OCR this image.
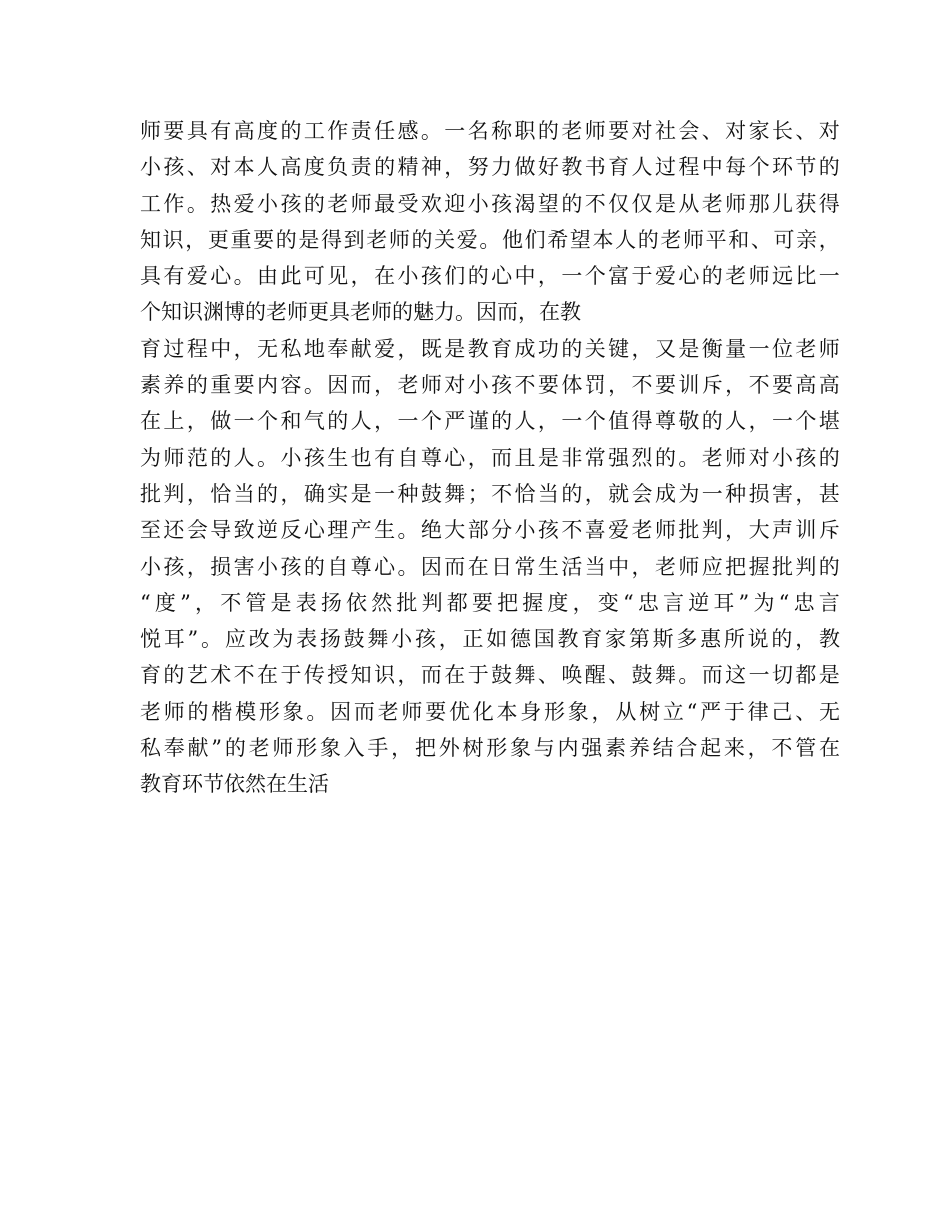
师 要 具 有 高 度 的 工 作 责 任 感 。 一 名 称 职 的 老 师 要 对 社 会 、 对 家 长 、 对
小 孩 、 对 本 人 高 度 负 责 的 精 神 ， 努 力 做 好 教 书 育 人 过 程 中 每 个 环 节 的
工 作 。 热 爱 小 孩 的 老 师 最 受 欢 迎 小 孩 渴 望 的 不 仅 仅 是 从 老 师 那 儿 获 得
知 识 ， 更 重 要 的 是 得 到 老 师 的 关 爱 。 他 们 希 望 本 人 的 老 师 平 和 、 可 亲 ，
具 有 爱 心 。 由 此 可 见 ， 在 小 孩 们 的 心 中 ， 一 个 富 于 爱 心 的 老 师 远 比 一
个知识渊博的老师更具老师的魅力。因而，在教
育 过 程 中 ， 无 私 地 奉 献 爱 ， 既 是 教 育 成 功 的 关 键 ， 又 是 衡 量 一 位 老 师
素 养 的 重 要 内 容 。 因 而 ， 老 师 对 小 孩 不 要 体 罚 ， 不 要 训 斥 ， 不 要 高 高
在 上 ， 做 一 个 和 气 的 人 ， 一 个 严 谨 的 人 ， 一 个 值 得 尊 敬 的 人 ， 一 个 堪
为 师 范 的 人 。 小 孩 生 也 有 自 尊 心 ， 而 且 是 非 常 强 烈 的 。 老 师 对 小 孩 的
批 判 ， 恰 当 的 ， 确 实 是 一 种 鼓 舞 ； 不 恰 当 的 ， 就 会 成 为 一 种 损 害 ， 甚
至 还 会 导 致 逆 反 心 理 产 生 。 绝 大 部 分 小 孩 不 喜 爱 老 师 批 判 ， 大 声 训 斥
小 孩 ， 损 害 小 孩 的 自 尊 心 。 因 而 在 日 常 生 活 当 中 ， 老 师 应 把 握 批 判 的
“ 度 ” ， 不 管 是 表 扬 依 然 批 判 都 要 把 握 度 ， 变 “ 忠 言 逆 耳 ” 为 “ 忠 言
悦 耳 ” 。 应 改 为 表 扬 鼓 舞 小 孩 ， 正 如 德 国 教 育 家 第 斯 多 惠 所 说 的 ， 教
育 的 艺 术 不 在 于 传 授 知 识 ， 而 在 于 鼓 舞 、 唤 醒 、 鼓 舞 。 而 这 一 切 都 是
老 师 的 楷 模 形 象 。 因 而 老 师 要 优 化 本 身 形 象 ， 从 树 立 “ 严 于 律 己 、 无
私 奉 献 ” 的 老 师 形 象 入 手 ， 把 外 树 形 象 与 内 强 素 养 结 合 起 来 ， 不 管 在
教育环节依然在生活
